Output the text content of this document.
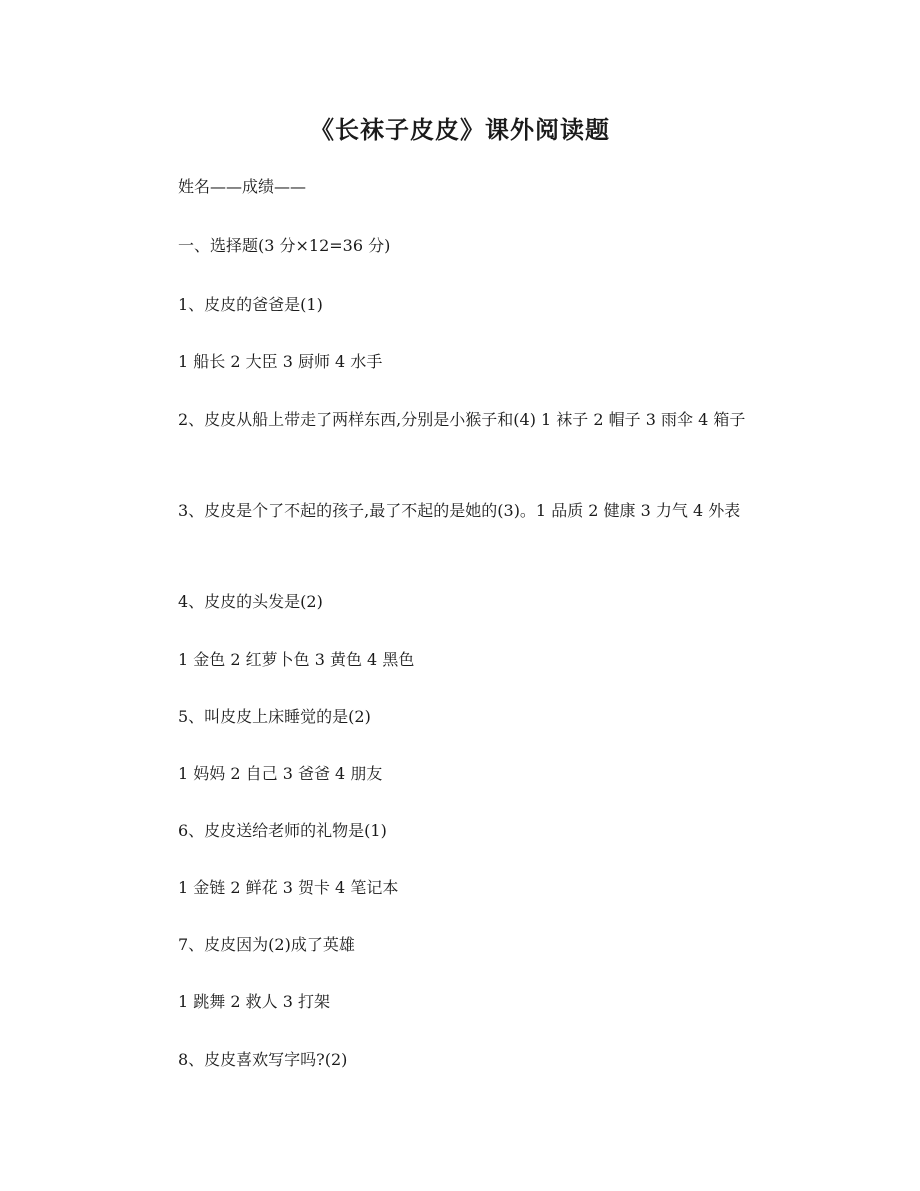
《长袜子皮皮》课外阅读题
姓名——成绩——
一、选择题(3 分×12=36 分)
1、皮皮的爸爸是(1)
1 船长 2 大臣 3 厨师 4 水手
2、皮皮从船上带走了两样东西,分别是小猴子和(4) 1 袜子 2 帽子 3 雨伞 4 箱子
3、皮皮是个了不起的孩子,最了不起的是她的(3)。1 品质 2 健康 3 力气 4 外表
4、皮皮的头发是(2)
1 金色 2 红萝卜色 3 黄色 4 黑色
5、叫皮皮上床睡觉的是(2)
1 妈妈 2 自己 3 爸爸 4 朋友
6、皮皮送给老师的礼物是(1)
1 金链 2 鲜花 3 贺卡 4 笔记本
7、皮皮因为(2)成了英雄
1 跳舞 2 救人 3 打架
8、皮皮喜欢写字吗?(2)
